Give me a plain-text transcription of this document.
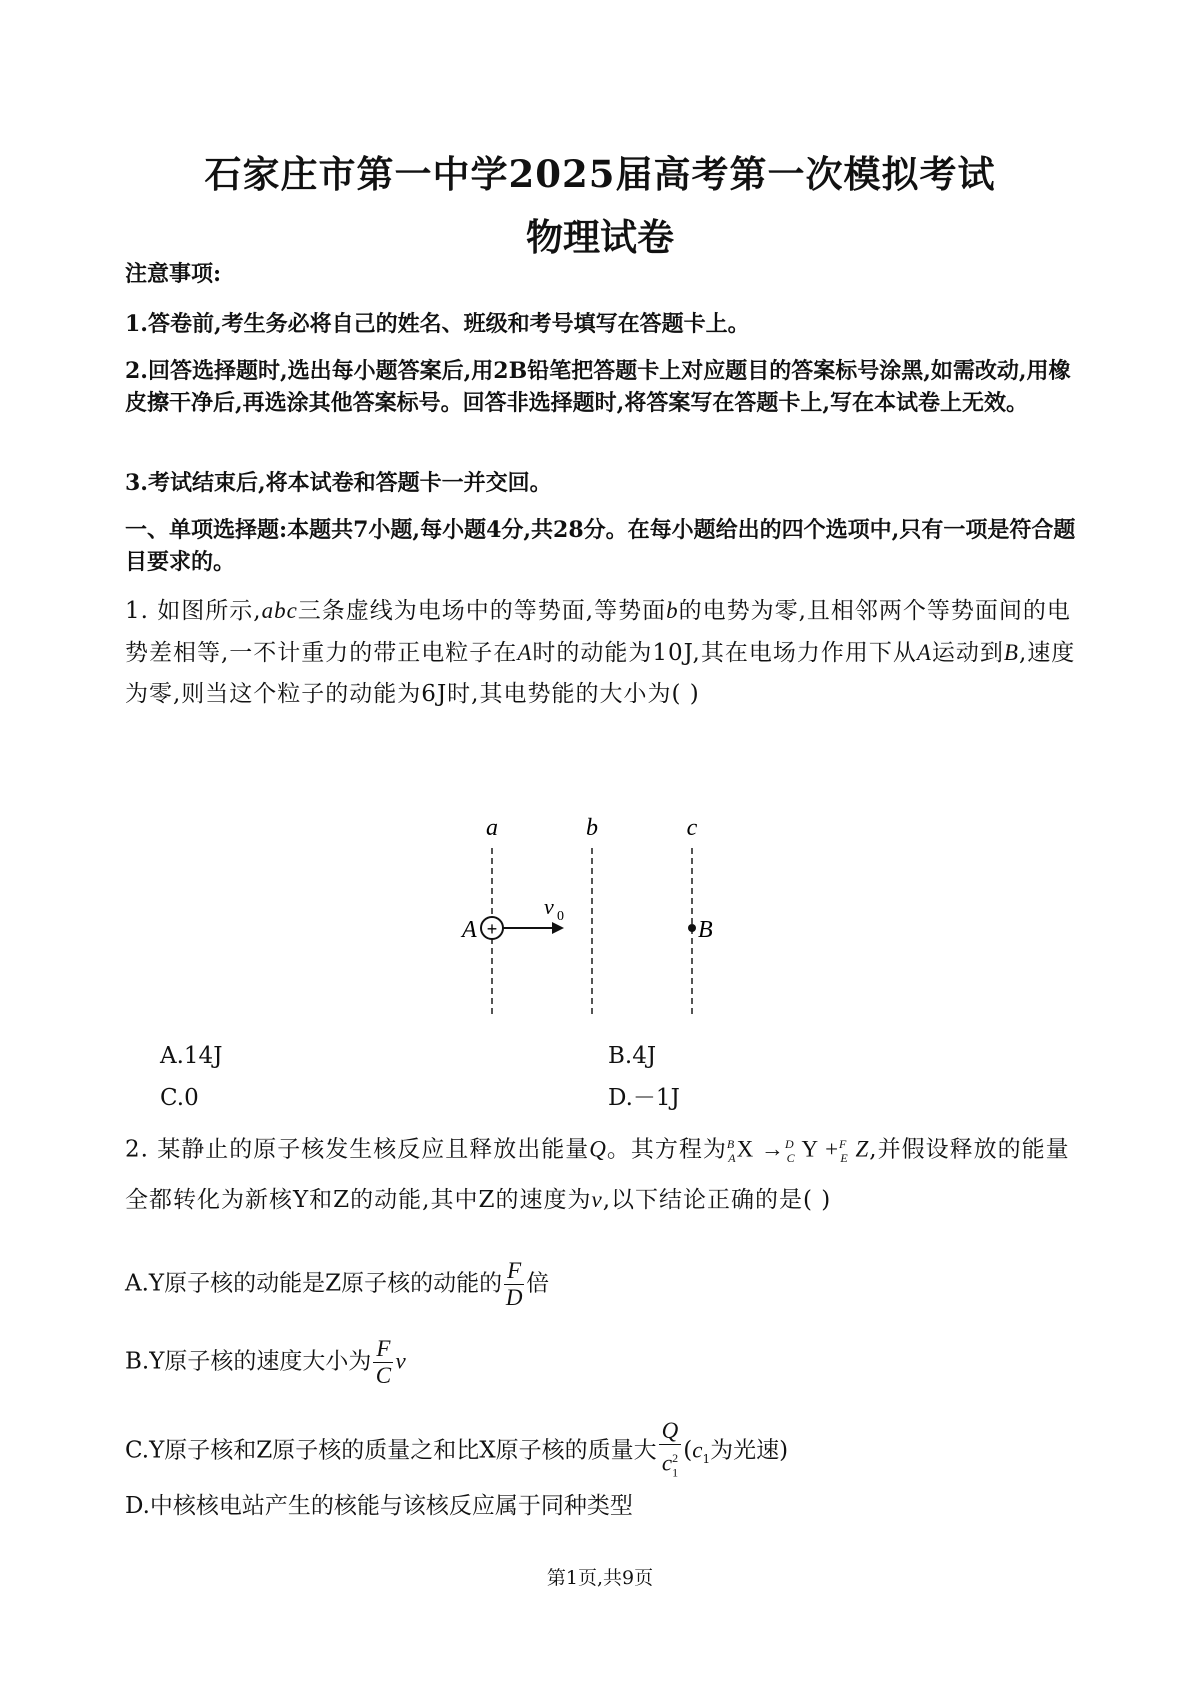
石家庄市第一中学2025届高考第一次模拟考试
物理试卷

注意事项:

1.答卷前,考生务必将自己的姓名、班级和考号填写在答题卡上。

2.回答选择题时,选出每小题答案后,用2B铅笔把答题卡上对应题目的答案标号涂黑,如需改动,用橡皮擦干净后,再选涂其他答案标号。回答非选择题时,将答案写在答题卡上,写在本试卷上无效。

3.考试结束后,将本试卷和答题卡一并交回。

一、单项选择题:本题共7小题,每小题4分,共28分。在每小题给出的四个选项中,只有一项是符合题目要求的。

1. 如图所示,abc三条虚线为电场中的等势面,等势面b的电势为零,且相邻两个等势面间的电势差相等,一不计重力的带正电粒子在A时的动能为10J,其在电场力作用下从A运动到B,速度为零,则当这个粒子的动能为6J时,其电势能的大小为( )

a	b	c
+
v 0
A	B

A.14J	B.4J

C.0	D.－1J

2. 某静止的原子核发生核反应且释放出能量Q。其方程为$^B_A$X →$^D_C$ Y +$^F_E$ Z,并假设释放的能量全都转化为新核Y和Z的动能,其中Z的速度为v,以下结论正确的是( )

A.Y原子核的动能是Z原子核的动能的 $\frac{F}{D}$ 倍

B.Y原子核的速度大小为 $\frac{F}{C}$ v

C.Y原子核和Z原子核的质量之和比X原子核的质量大 $\frac{Q}{c_1^2} (c_1$为光速)

D.中核核电站产生的核能与该核反应属于同种类型

第1页,共9页
